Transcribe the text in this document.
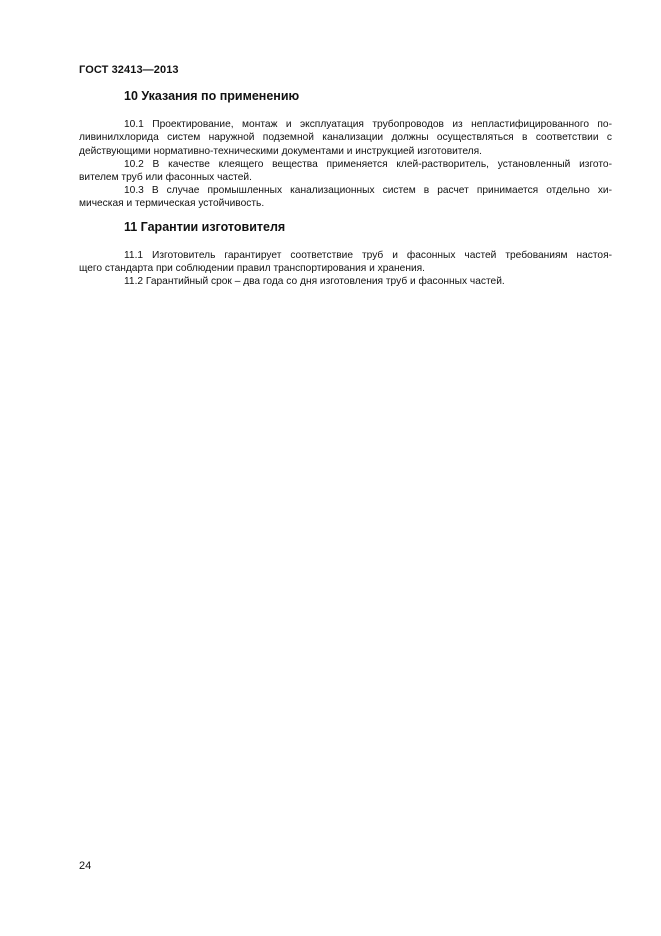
ГОСТ 32413—2013
10 Указания по применению
10.1 Проектирование, монтаж и эксплуатация трубопроводов из непластифицированного по-
ливинилхлорида систем наружной подземной канализации должны осуществляться в соответствии с
действующими нормативно-техническими документами и инструкцией изготовителя.
10.2 В качестве клеящего вещества применяется клей-растворитель, установленный изгото-
вителем труб или фасонных частей.
10.3 В случае промышленных канализационных систем в расчет принимается отдельно хи-
мическая и термическая устойчивость.
11 Гарантии изготовителя
11.1 Изготовитель гарантирует соответствие труб и фасонных частей требованиям настоя-
щего стандарта при соблюдении правил транспортирования и хранения.
11.2 Гарантийный срок – два года со дня изготовления труб и фасонных частей.
24
